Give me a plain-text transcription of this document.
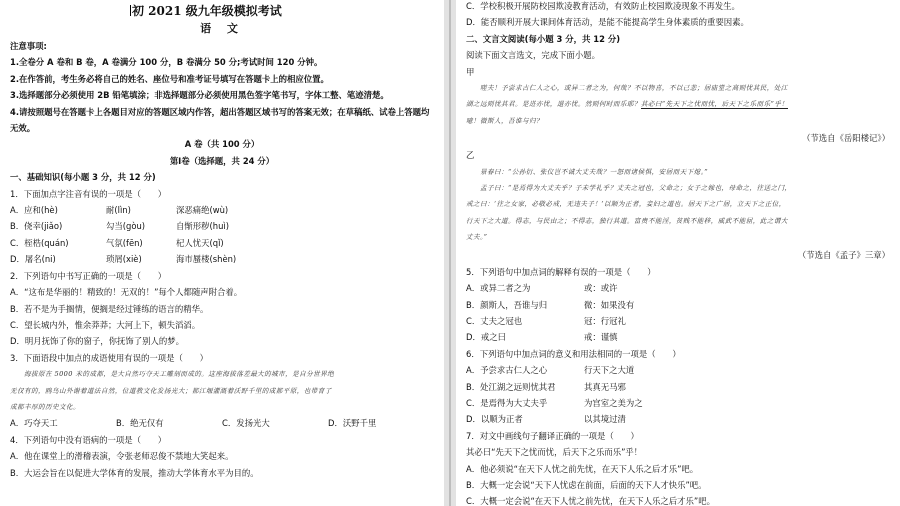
初 2021 级九年级模拟考试
语 文
注意事项:
1.全卷分 A 卷和 B 卷，A 卷满分 100 分，B 卷满分 50 分;考试时间 120 分钟。
2.在作答前，考生务必将自己的姓名、座位号和准考证号填写在答题卡上的相应位置。
3.选择题部分必须使用 2B 铅笔填涂；非选择题部分必须使用黑色签字笔书写，字体工整、笔迹清楚。
4.请按照题号在答题卡上各题目对应的答题区域内作答，超出答题区域书写的答案无效；在草稿纸、试卷上答题均无效。
A 卷（共 100 分）
第Ⅰ卷（选择题，共 24 分）
一、基础知识(每小题 3 分，共 12 分)
1．下面加点字注音有误的一项是（　　）
A．应和(hè)	耐(lìn)	深恶痛绝(wù)
B．侥幸(jiǎo)	勾当(gòu)	自惭形秽(huì)
C．桎梏(quán)	气氛(fēn)	杞人忧天(qǐ)
D．屠名(ni)	琐屑(xiè)	海市蜃楼(shèn)
2．下列语句中书写正确的一项是（　　）
A．“这布是华丽的！精致的！无双的！”每个人都随声附合着。
B．若不是为手搁情，便搁是经过锤练的语言的精华。
C．望长城内外，惟余莽莽；大河上下，顿失滔滔。
D．明月抚饰了你的窗子，你抚饰了别人的梦。
3．下面语段中加点的成语使用有误的一项是（　　）
海拔原在 5000 米的成都，是大自然巧夺天工雕刻而成的。这座海拔落差最大的城市，是自分世界绝
无仅有的，鸥鸟山外谢着道法自然，位道教文化发扬光大；都江堰灌溉着沃野千里的成都平原，也带育了
成都丰厚的历史文化。
A．巧夺天工	B．绝无仅有	C．发扬光大	D．沃野千里
4．下列语句中没有语病的一项是（　　）
A．他在课堂上的滑稽表演，令张老师忍俊不禁地大笑起来。
B．大运会旨在以促进大学体育的发展，推动大学体育水平为目的。
C．学校积极开展防校园欺凌教育活动，有效防止校园欺凌现象不再发生。
D．能否顺利开展大课间体育活动，是能不能提高学生身体素质的重要因素。
二、文言文阅读(每小题 3 分，共 12 分)
阅读下面文言选文，完成下面小题。
甲
嗟夫！予尝求古仁人之心，或异二者之为，何哉？不以物喜，不以己悲；居庙堂之高则忧其民，处江
湖之远则忧其君。是进亦忧，退亦忧。然则何时而乐耶？其必曰“先天下之忧而忧，后天下之乐而乐”乎！
噫！微斯人，吾谁与归？
（节选自《岳阳楼记》）
乙
景春曰：“公孙衍、张仪岂不诚大丈夫哉？一怒而诸侯惧，安居而天下熄。”
孟子曰：“是焉得为大丈夫乎？子未学礼乎？丈夫之冠也，父命之；女子之嫁也，母命之，往送之门，
戒之曰：‘往之女家，必敬必戒，无违夫子！’以顺为正者，妾妇之道也。居天下之广居，立天下之正位，
行天下之大道。得志，与民由之；不得志，独行其道。富贵不能淫，贫贱不能移，威武不能屈，此之谓大
丈夫。”
（节选自《孟子》三章）
5．下列语句中加点词的解释有误的一项是（　　）
A．或异二者之为	或：或许
B．颜斯人，吾谁与归	微：如果没有
C．丈夫之冠也	冠：行冠礼
D．戒之曰	戒：谨慎
6．下列语句中加点词的意义和用法相同的一项是（　　）
A．予尝求古仁人之心	行天下之大道
B．处江湖之远则忧其君	其真无马邪
C．是焉得为大丈夫乎	为宫室之美为之
D．以顺为正者	以其境过清
7．对文中画线句子翻译正确的一项是（　　）
其必曰“先天下之忧而忧，后天下之乐而乐”乎！
A．他必须说“在天下人忧之前先忧，在天下人乐之后才乐”吧。
B．大概一定会说“天下人忧虑在前面，后面的天下人才快乐”吧。
C．大概一定会说“在天下人忧之前先忧，在天下人乐之后才乐”吧。
